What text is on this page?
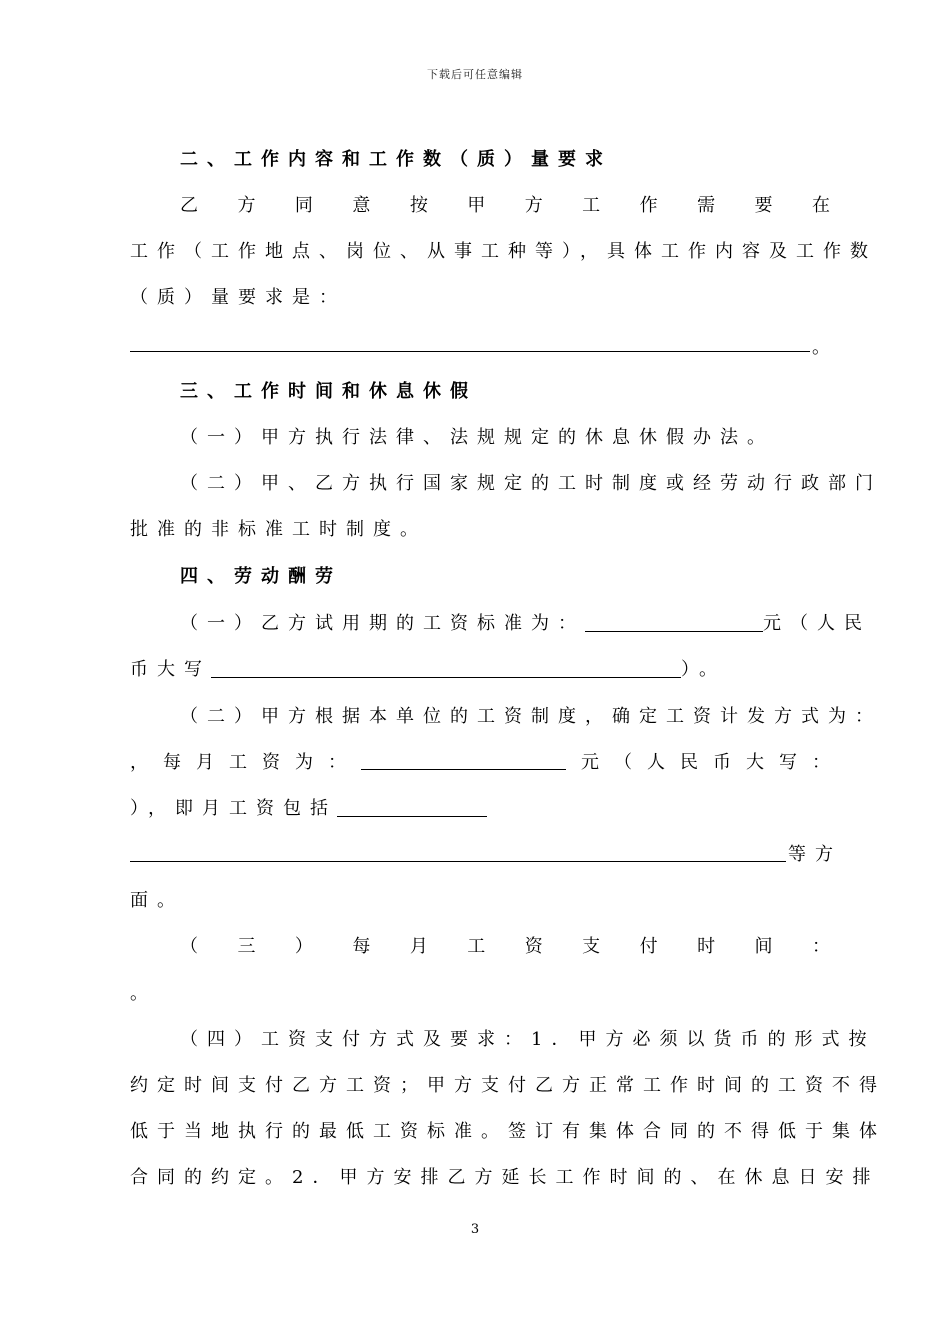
下载后可任意编辑
二、工作内容和工作数（质）量要求
乙 方 同 意 按 甲 方 工 作 需 要 在
工作（工作地点、岗位、从事工种等），具体工作内容及工作数
（质）量要求是：
。
三、工作时间和休息休假
（一）甲方执行法律、法规规定的休息休假办法。
（二）甲、乙方执行国家规定的工时制度或经劳动行政部门
批准的非标准工时制度。
四、劳动酬劳
（一）乙方试用期的工资标准为：	元（人民
币大写	）。
（二）甲方根据本单位的工资制度，确定工资计发方式为：
， 每 月 工 资 为 ：	元 （ 人 民 币 大 写 ：
），即月工资包括
等方
面。
（ 三 ） 每 月 工 资 支 付 时 间 ：
。
（四）工资支付方式及要求：1．甲方必须以货币的形式按
约定时间支付乙方工资；甲方支付乙方正常工作时间的工资不得
低于当地执行的最低工资标准。签订有集体合同的不得低于集体
合同的约定。2．甲方安排乙方延长工作时间的、在休息日安排
3
